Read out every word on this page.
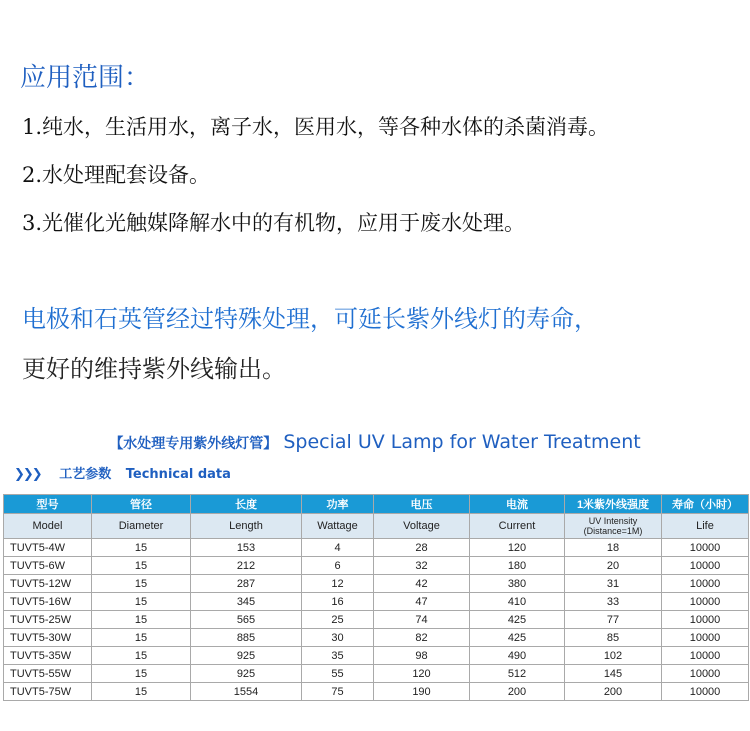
应用范围：
1.纯水，生活用水，离子水，医用水，等各种水体的杀菌消毒。
2.水处理配套设备。
3.光催化光触媒降解水中的有机物，应用于废水处理。
电极和石英管经过特殊处理，可延长紫外线灯的寿命，
更好的维持紫外线输出。
【水处理专用紫外线灯管】 Special UV Lamp for Water Treatment
❯❯❯ 工艺参数 Technical data
型号	管径	长度	功率	电压	电流	1米紫外线强度	寿命（小时）
Model	Diameter	Length	Wattage	Voltage	Current	UV Intensity (Distance=1M)	Life
TUVT5-4W	15	153	4	28	120	18	10000
TUVT5-6W	15	212	6	32	180	20	10000
TUVT5-12W	15	287	12	42	380	31	10000
TUVT5-16W	15	345	16	47	410	33	10000
TUVT5-25W	15	565	25	74	425	77	10000
TUVT5-30W	15	885	30	82	425	85	10000
TUVT5-35W	15	925	35	98	490	102	10000
TUVT5-55W	15	925	55	120	512	145	10000
TUVT5-75W	15	1554	75	190	200	200	10000
